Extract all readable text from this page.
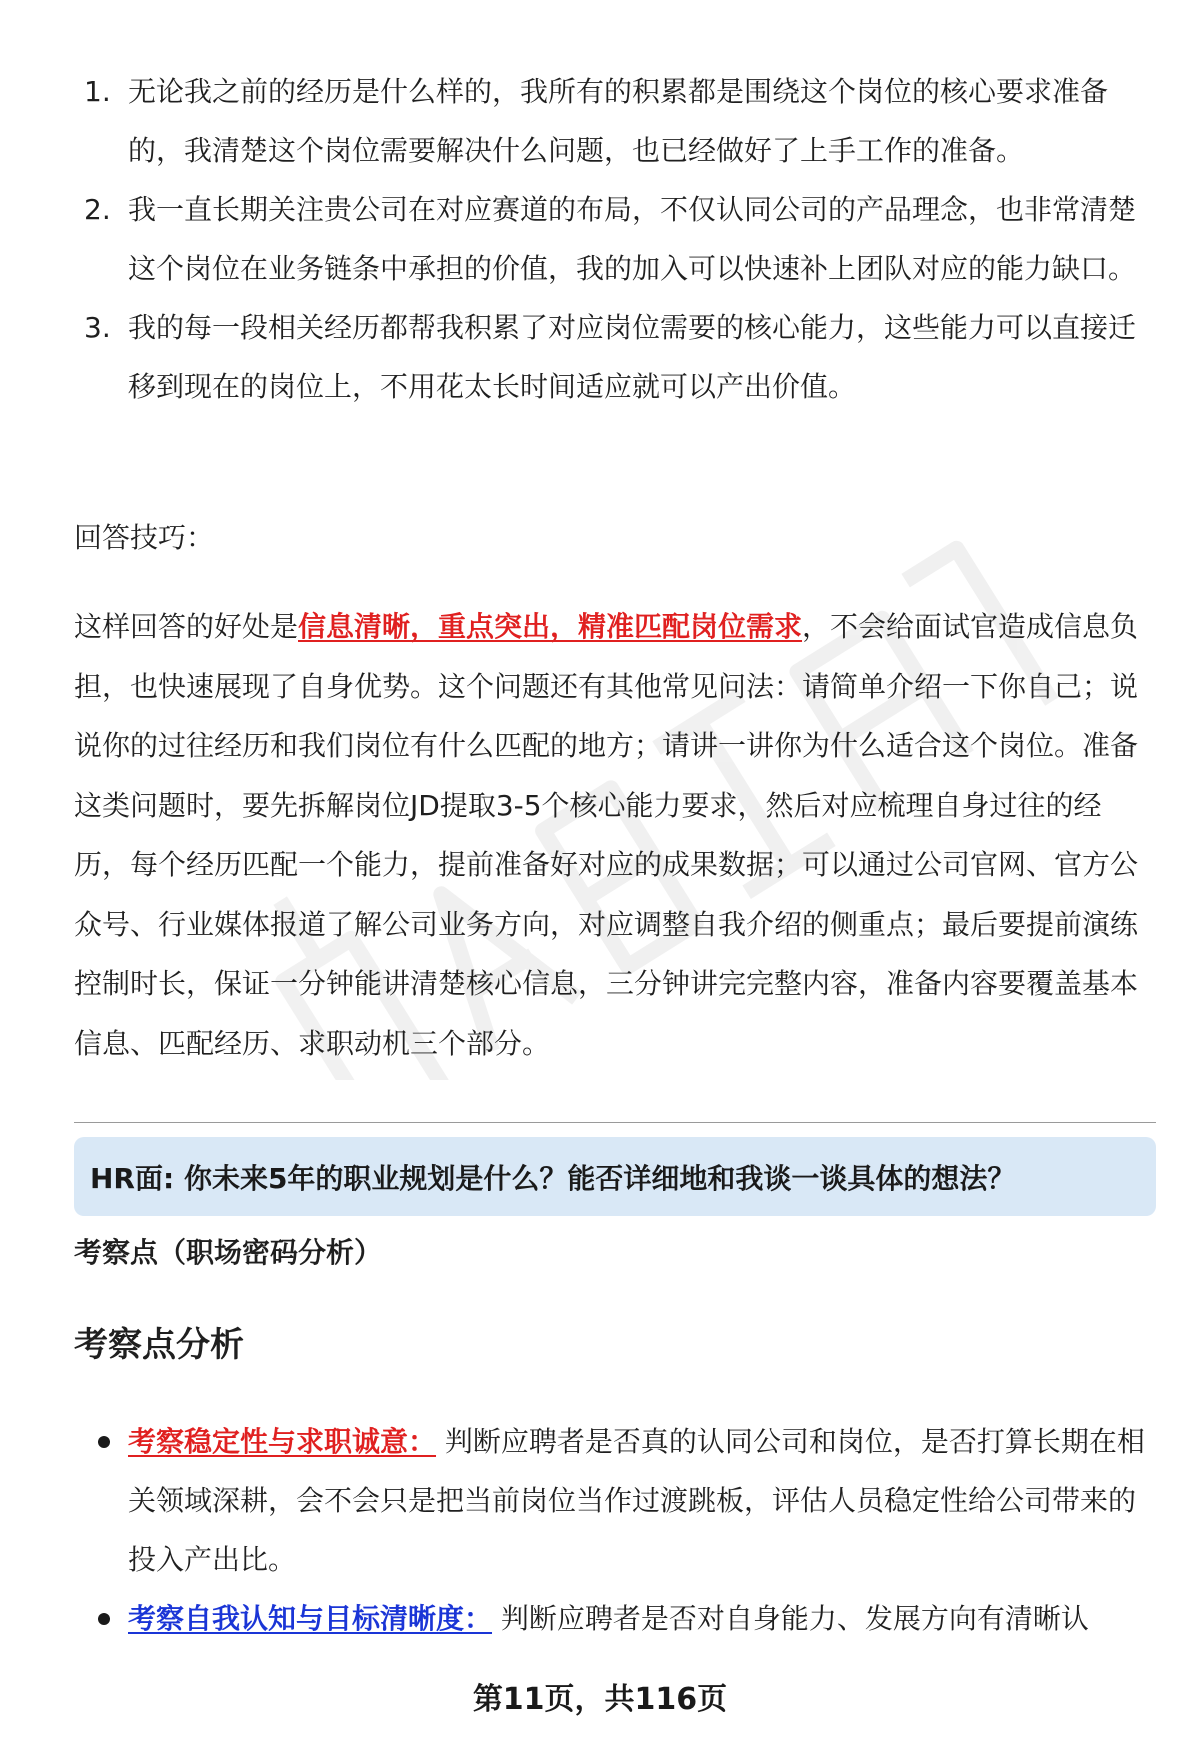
1. 无论我之前的经历是什么样的，我所有的积累都是围绕这个岗位的核心要求准备的，我清楚这个岗位需要解决什么问题，也已经做好了上手工作的准备。
2. 我一直长期关注贵公司在对应赛道的布局，不仅认同公司的产品理念，也非常清楚这个岗位在业务链条中承担的价值，我的加入可以快速补上团队对应的能力缺口。
3. 我的每一段相关经历都帮我积累了对应岗位需要的核心能力，这些能力可以直接迁移到现在的岗位上，不用花太长时间适应就可以产出价值。
回答技巧：
这样回答的好处是信息清晰，重点突出，精准匹配岗位需求，不会给面试官造成信息负担，也快速展现了自身优势。这个问题还有其他常见问法：请简单介绍一下你自己；说说你的过往经历和我们岗位有什么匹配的地方；请讲一讲你为什么适合这个岗位。准备这类问题时，要先拆解岗位JD提取3-5个核心能力要求，然后对应梳理自身过往的经历，每个经历匹配一个能力，提前准备好对应的成果数据；可以通过公司官网、官方公众号、行业媒体报道了解公司业务方向，对应调整自我介绍的侧重点；最后要提前演练控制时长，保证一分钟能讲清楚核心信息，三分钟讲完完整内容，准备内容要覆盖基本信息、匹配经历、求职动机三个部分。
HR面: 你未来5年的职业规划是什么？能否详细地和我谈一谈具体的想法？
考察点（职场密码分析）
考察点分析
考察稳定性与求职诚意： 判断应聘者是否真的认同公司和岗位，是否打算长期在相关领域深耕，会不会只是把当前岗位当作过渡跳板，评估人员稳定性给公司带来的投入产出比。
考察自我认知与目标清晰度： 判断应聘者是否对自身能力、发展方向有清晰认
第11页，共116页
